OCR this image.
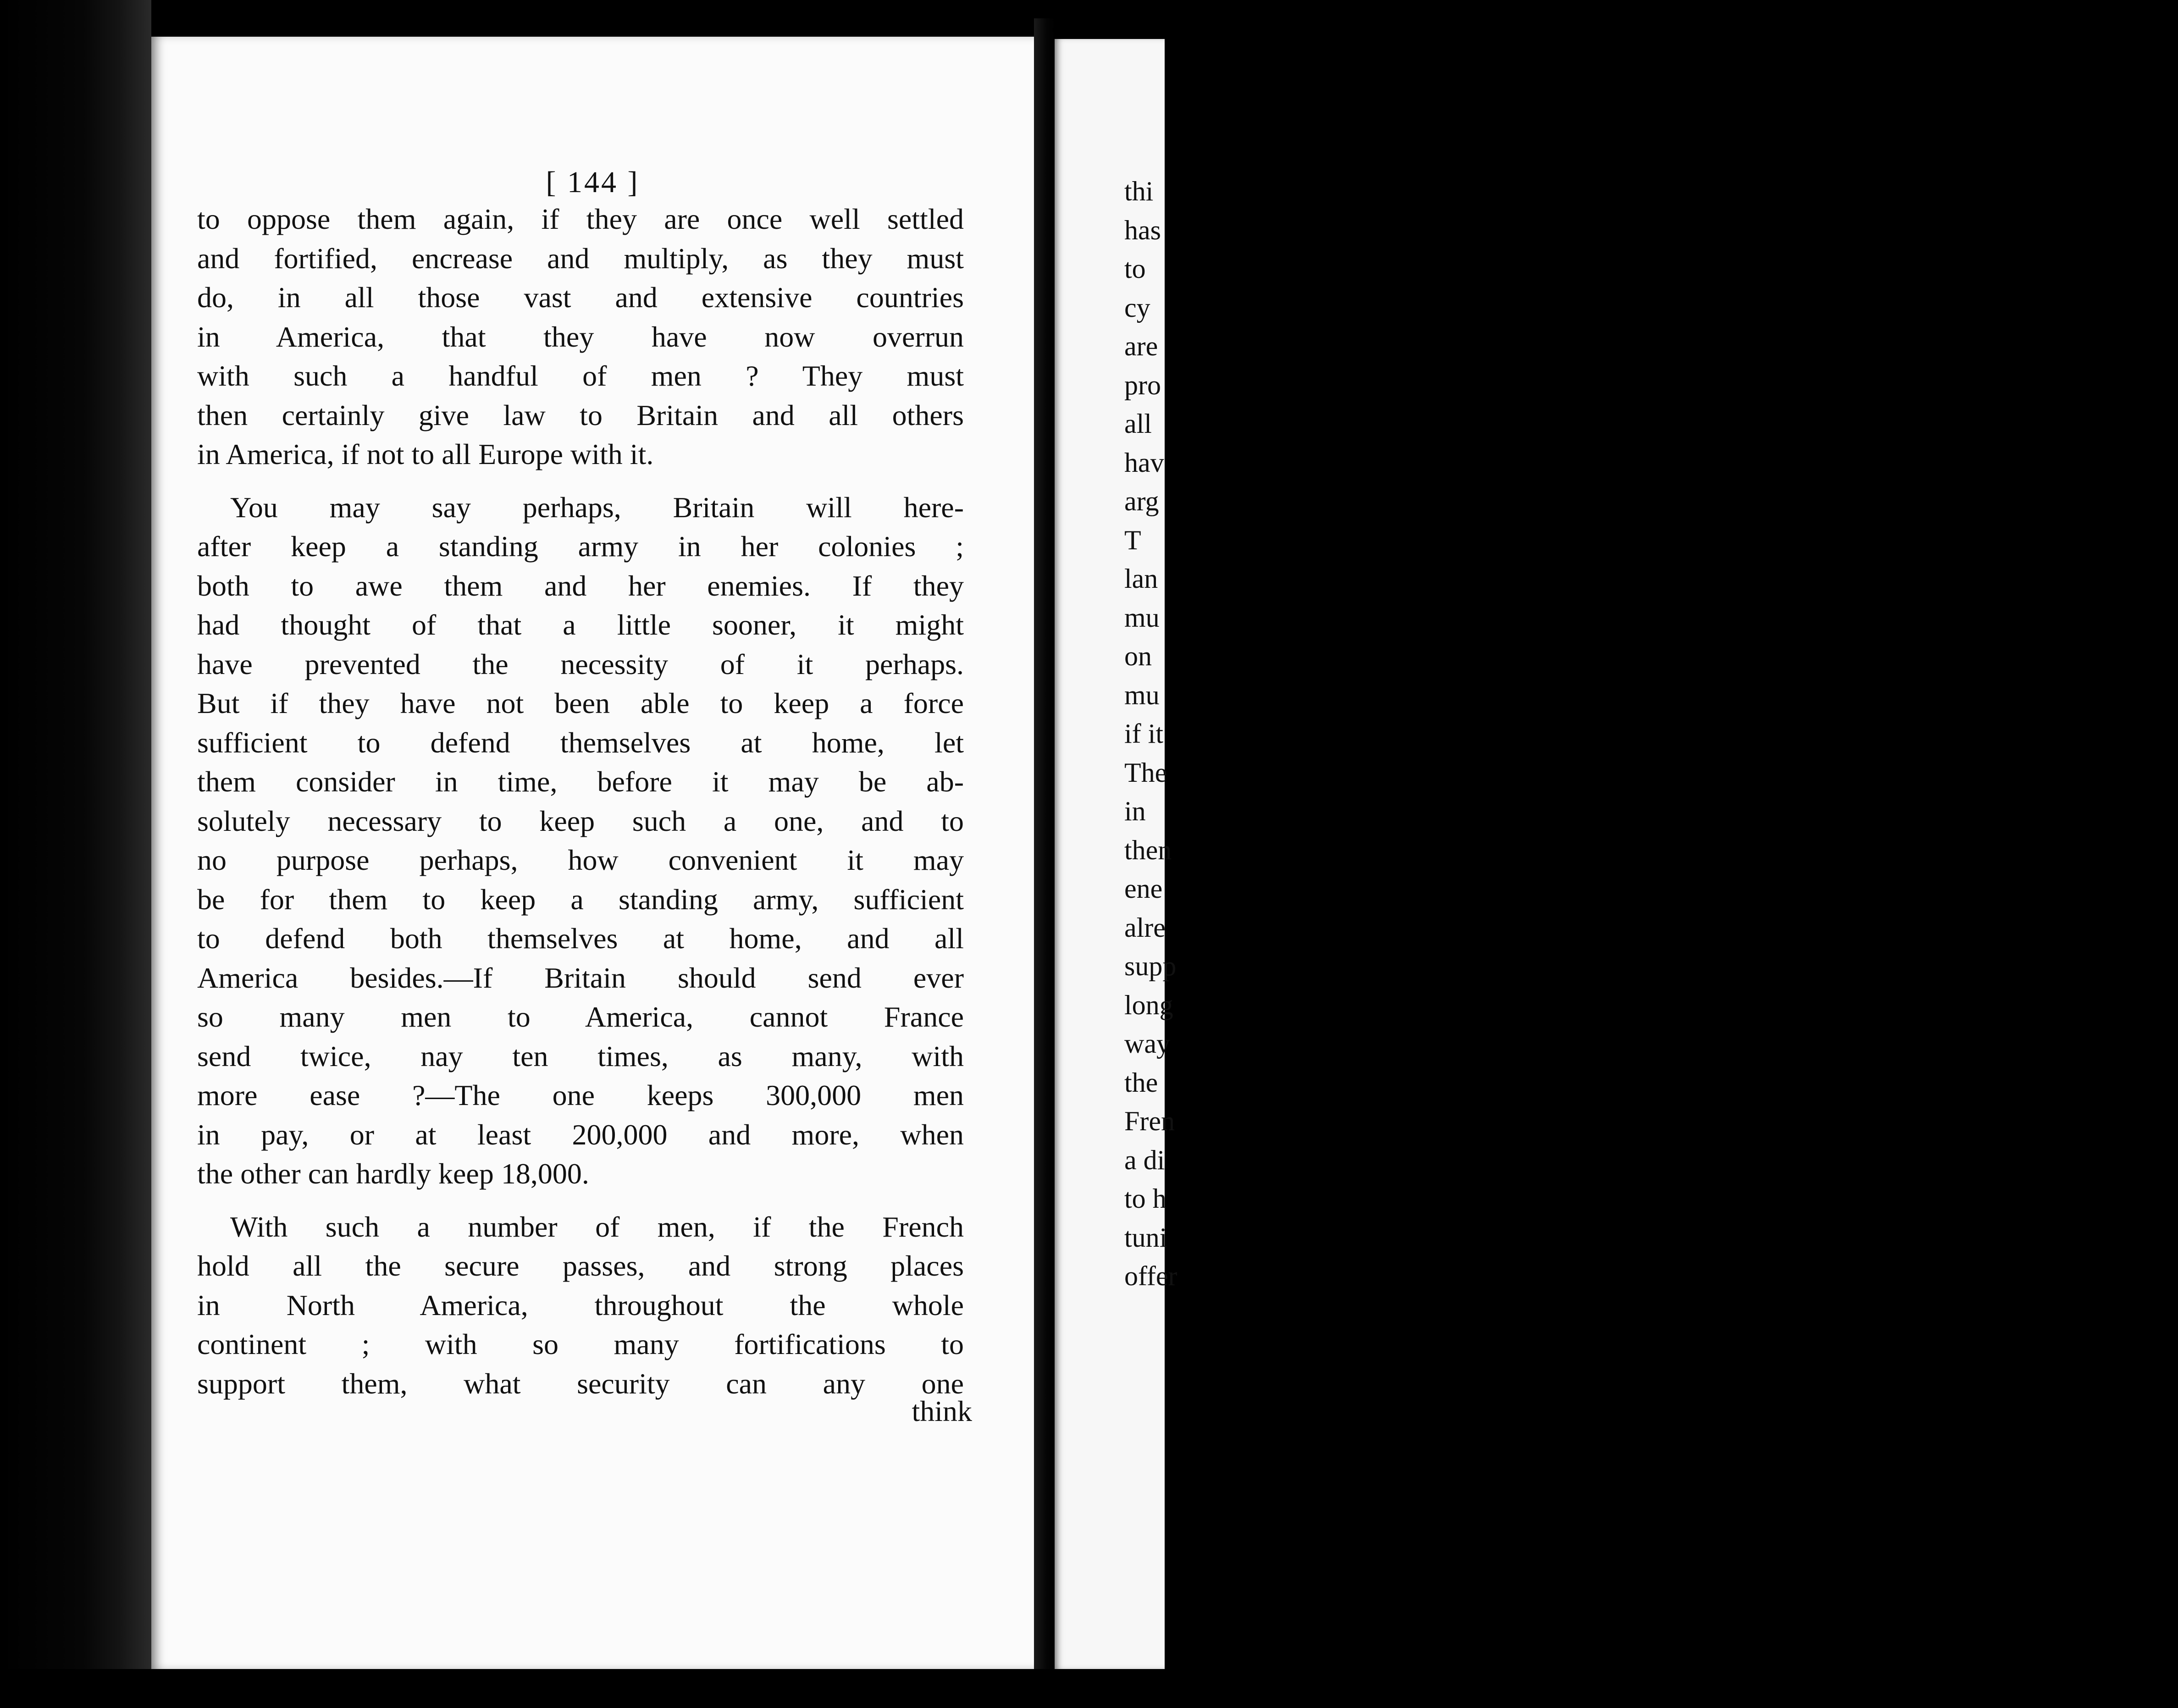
[ 144 ]
to oppose them again, if they are once well settled
and fortified, encrease and multiply, as they must
do, in all those vast and extensive countries
in America, that they have now overrun
with such a handful of men ? They must
then certainly give law to Britain and all others
in America, if not to all Europe with it.
You may say perhaps, Britain will here-
after keep a standing army in her colonies ;
both to awe them and her enemies. If they
had thought of that a little sooner, it might
have prevented the necessity of it perhaps.
But if they have not been able to keep a force
sufficient to defend themselves at home, let
them consider in time, before it may be ab-
solutely necessary to keep such a one, and to
no purpose perhaps, how convenient it may
be for them to keep a standing army, sufficient
to defend both themselves at home, and all
America besides.—If Britain should send ever
so many men to America, cannot France
send twice, nay ten times, as many, with
more ease ?—The one keeps 300,000 men
in pay, or at least 200,000 and more, when
the other can hardly keep 18,000.
With such a number of men, if the French
hold all the secure passes, and strong places
in North America, throughout the whole
continent ; with so many fortifications to
support them, what security can any one
think
thi
has
to
cy
are
pro
all
hav
arg
T
lan
mu
on
mu
if it
The
in
then
ene
alre
supp
long
way
the
Fren
a di
to h
tuni
offer
